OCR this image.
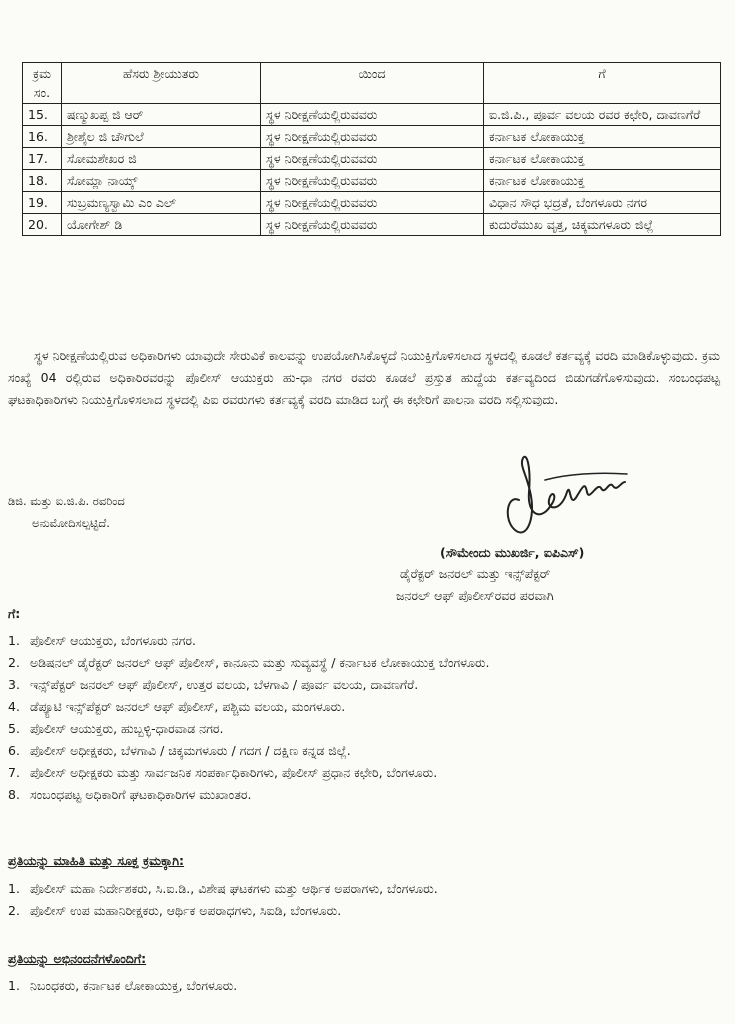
ಕ್ರಮ ಸಂ.	ಹೆಸರು ಶ್ರೀಯುತರು	ಯಿಂದ	ಗೆ
15.	ಷಣ್ಮುಖಪ್ಪ ಜಿ ಆರ್	ಸ್ಥಳ ನಿರೀಕ್ಷಣೆಯಲ್ಲಿರುವವರು	ಐ.ಜಿ.ಪಿ., ಪೂರ್ವ ವಲಯ ರವರ ಕಛೇರಿ, ದಾವಣಗೆರೆ
16.	ಶ್ರೀಶೈಲ ಜಿ ಚೌಗುಲೆ	ಸ್ಥಳ ನಿರೀಕ್ಷಣೆಯಲ್ಲಿರುವವರು	ಕರ್ನಾಟಕ ಲೋಕಾಯುಕ್ತ
17.	ಸೋಮಶೇಖರ ಜಿ	ಸ್ಥಳ ನಿರೀಕ್ಷಣೆಯಲ್ಲಿರುವವರು	ಕರ್ನಾಟಕ ಲೋಕಾಯುಕ್ತ
18.	ಸೋಮ್ಲಾ ನಾಯ್ಕ್	ಸ್ಥಳ ನಿರೀಕ್ಷಣೆಯಲ್ಲಿರುವವರು	ಕರ್ನಾಟಕ ಲೋಕಾಯುಕ್ತ
19.	ಸುಬ್ರಮಣ್ಯಸ್ವಾಮಿ ಎಂ ಎಲ್	ಸ್ಥಳ ನಿರೀಕ್ಷಣೆಯಲ್ಲಿರುವವರು	ವಿಧಾನ ಸೌಧ ಭದ್ರತೆ, ಬೆಂಗಳೂರು ನಗರ
20.	ಯೋಗೇಶ್ ಡಿ	ಸ್ಥಳ ನಿರೀಕ್ಷಣೆಯಲ್ಲಿರುವವರು	ಕುದುರೆಮುಖ ವೃತ್ತ, ಚಿಕ್ಕಮಗಳೂರು ಜಿಲ್ಲೆ

ಸ್ಥಳ ನಿರೀಕ್ಷಣೆಯಲ್ಲಿರುವ ಅಧಿಕಾರಿಗಳು ಯಾವುದೇ ಸೇರುವಿಕೆ ಕಾಲವನ್ನು ಉಪಯೋಗಿಸಿಕೊಳ್ಳದೆ ನಿಯುಕ್ತಿಗೊಳಿಸಲಾದ ಸ್ಥಳದಲ್ಲಿ ಕೂಡಲೆ ಕರ್ತವ್ಯಕ್ಕೆ ವರದಿ ಮಾಡಿಕೊಳ್ಳುವುದು. ಕ್ರಮ ಸಂಖ್ಯೆ 04 ರಲ್ಲಿರುವ ಅಧಿಕಾರಿರವರನ್ನು ಪೊಲೀಸ್ ಆಯುಕ್ತರು ಹು-ಧಾ ನಗರ ರವರು ಕೂಡಲೆ ಪ್ರಸ್ತುತ ಹುದ್ದೆಯ ಕರ್ತವ್ಯದಿಂದ ಬಿಡುಗಡೆಗೊಳಿಸುವುದು. ಸಂಬಂಧಪಟ್ಟ ಘಟಕಾಧಿಕಾರಿಗಳು ನಿಯುಕ್ತಿಗೊಳಿಸಲಾದ ಸ್ಥಳದಲ್ಲಿ ಪಿಐ ರವರುಗಳು ಕರ್ತವ್ಯಕ್ಕೆ ವರದಿ ಮಾಡಿದ ಬಗ್ಗೆ ಈ ಕಛೇರಿಗೆ ಪಾಲನಾ ವರದಿ ಸಲ್ಲಿಸುವುದು.

ಡಿಜಿ. ಮತ್ತು ಐ.ಜಿ.ಪಿ. ರವರಿಂದ
ಅನುಮೋದಿಸಲ್ಪಟ್ಟಿದೆ.
(ಸೌಮೇಂದು ಮುಖರ್ಜಿ, ಐಪಿಎಸ್)
ಡೈರೆಕ್ಟರ್ ಜನರಲ್ ಮತ್ತು ಇನ್ಸ್‌ಪೆಕ್ಟರ್
ಜನರಲ್ ಆಫ್ ಪೊಲೀಸ್‌ರವರ ಪರವಾಗಿ
ಗೆ:
1. ಪೊಲೀಸ್ ಆಯುಕ್ತರು, ಬೆಂಗಳೂರು ನಗರ.
2. ಅಡಿಷನಲ್ ಡೈರೆಕ್ಟರ್ ಜನರಲ್ ಆಫ್ ಪೊಲೀಸ್, ಕಾನೂನು ಮತ್ತು ಸುವ್ಯವಸ್ಥೆ / ಕರ್ನಾಟಕ ಲೋಕಾಯುಕ್ತ ಬೆಂಗಳೂರು.
3. ಇನ್ಸ್‌ಪೆಕ್ಟರ್ ಜನರಲ್ ಆಫ್ ಪೊಲೀಸ್, ಉತ್ತರ ವಲಯ, ಬೆಳಗಾವಿ / ಪೂರ್ವ ವಲಯ, ದಾವಣಗೆರೆ.
4. ಡೆಪ್ಯೂಟಿ ಇನ್ಸ್‌ಪೆಕ್ಟರ್ ಜನರಲ್ ಆಫ್ ಪೊಲೀಸ್, ಪಶ್ಚಿಮ ವಲಯ, ಮಂಗಳೂರು.
5. ಪೊಲೀಸ್ ಆಯುಕ್ತರು, ಹುಬ್ಬಳ್ಳಿ-ಧಾರವಾಡ ನಗರ.
6. ಪೊಲೀಸ್ ಅಧೀಕ್ಷಕರು, ಬೆಳಗಾವಿ / ಚಿಕ್ಕಮಗಳೂರು / ಗದಗ / ದಕ್ಷಿಣ ಕನ್ನಡ ಜಿಲ್ಲೆ.
7. ಪೊಲೀಸ್ ಅಧೀಕ್ಷಕರು ಮತ್ತು ಸಾರ್ವಜನಿಕ ಸಂಪರ್ಕಾಧಿಕಾರಿಗಳು, ಪೊಲೀಸ್ ಪ್ರಧಾನ ಕಛೇರಿ, ಬೆಂಗಳೂರು.
8. ಸಂಬಂಧಪಟ್ಟ ಅಧಿಕಾರಿಗೆ ಘಟಕಾಧಿಕಾರಿಗಳ ಮುಖಾಂತರ.
ಪ್ರತಿಯನ್ನು ಮಾಹಿತಿ ಮತ್ತು ಸೂಕ್ತ ಕ್ರಮಕ್ಕಾಗಿ:
1. ಪೊಲೀಸ್ ಮಹಾ ನಿರ್ದೇಶಕರು, ಸಿ.ಐ.ಡಿ., ವಿಶೇಷ ಘಟಕಗಳು ಮತ್ತು ಆರ್ಥಿಕ ಅಪರಾಗಳು, ಬೆಂಗಳೂರು.
2. ಪೊಲೀಸ್ ಉಪ ಮಹಾನಿರೀಕ್ಷಕರು, ಆರ್ಥಿಕ ಅಪರಾಧಗಳು, ಸಿಐಡಿ, ಬೆಂಗಳೂರು.
ಪ್ರತಿಯನ್ನು ಅಭಿನಂದನೆಗಳೊಂದಿಗೆ:
1. ನಿಬಂಧಕರು, ಕರ್ನಾಟಕ ಲೋಕಾಯುಕ್ತ, ಬೆಂಗಳೂರು.
